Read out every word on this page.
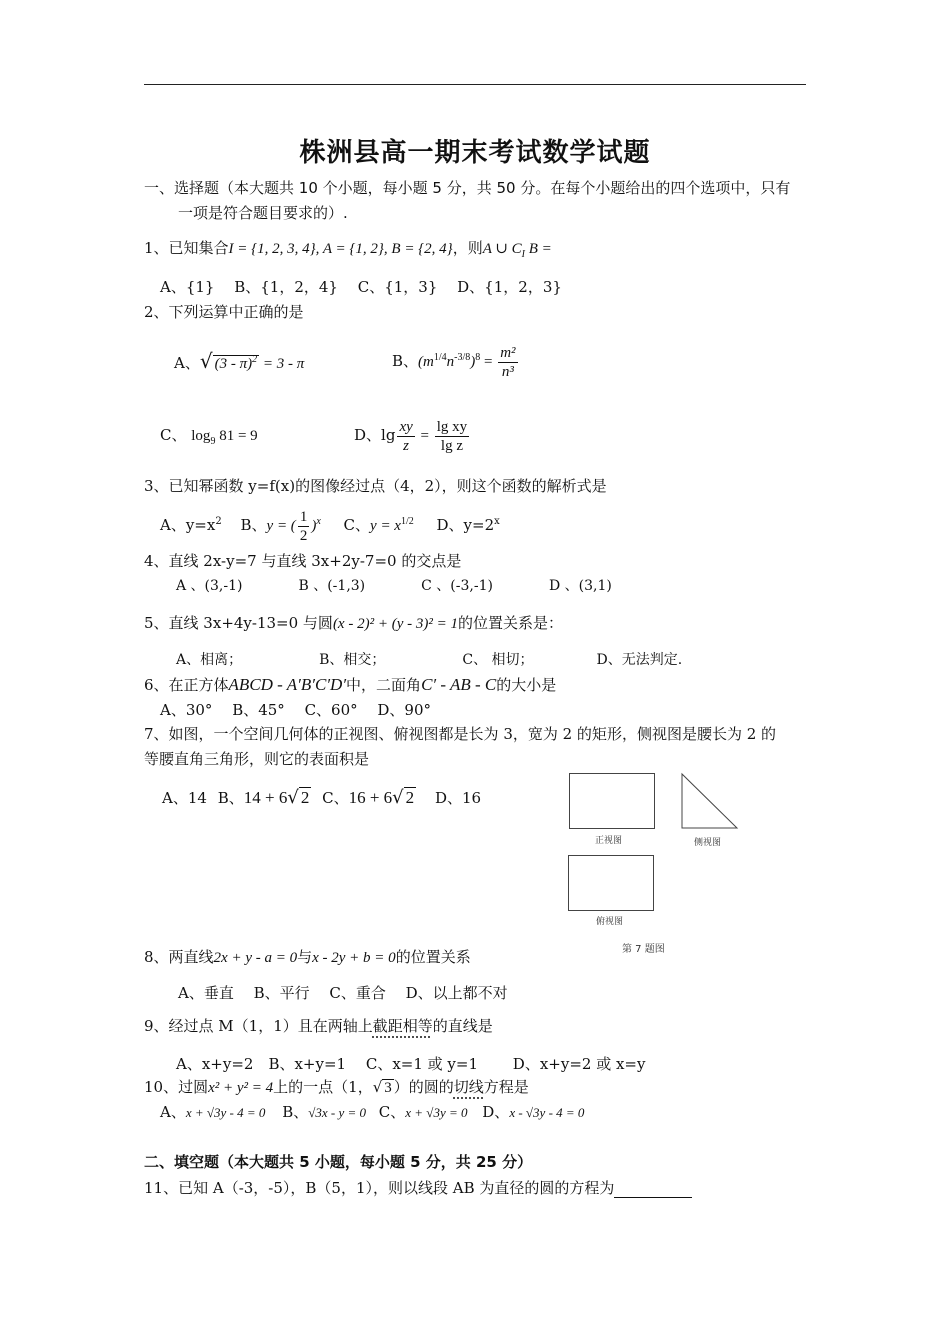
株洲县高一期末考试数学试题
一、选择题（本大题共 10 个小题，每小题 5 分，共 50 分。在每个小题给出的四个选项中，只有
一项是符合题目要求的）.
1、已知集合I = {1, 2, 3, 4}, A = {1, 2}, B = {2, 4}，则A ∪ $C_I$ B =
A、{1}　 B、{1，2，4}　 C、{1，3}　 D、{1，2，3}
2、下列运算中正确的是
A、√ (3 - π)$^2$ = 3 - π	B、$(m^{1/4}n^{-3/8})^8 = \frac{\text{m²}}{\text{n³}}$
C、 $\log_9 81 = 9$	D、$\lg \frac{xy}{z} = \frac{\text{lg xy}}{\text{lg z}}$
3、已知幂函数 y=f(x)的图像经过点（4，2），则这个函数的解析式是
A、$y=x^2$ B、y = ( $\frac{1}{2} )^x$ C、$y = x^{1/2}$ D、$y=2^x$
4、直线 2x-y=7 与直线 3x+2y-7=0 的交点是
A 、(3,-1)　　　　B 、(-1,3)　　　　C 、(-3,-1)　　　　D 、(3,1)
5、直线 3x+4y-13=0 与圆(x - 2)² + (y - 3)² = 1的位置关系是：
A、相离；　　　　　　B、相交；　　　　　　C、 相切；　　　　　D、无法判定.
6、在正方体ABCD - A′B′C′D′中，二面角C′ - AB - C的大小是
A、30°　 B、45°　 C、60°　 D、90°
7、如图，一个空间几何体的正视图、俯视图都是长为 3，宽为 2 的矩形，侧视图是腰长为 2 的
等腰直角三角形，则它的表面积是
A、14 B、14 + 6√ 2 C、16 + 6√ 2 D、16
正视图	侧视图
俯视图
第 7 题图
8、两直线2x + y - a = 0与x - 2y + b = 0的位置关系
A、垂直　 B、平行　 C、重合　 D、以上都不对
9、经过点 M（1，1）且在两轴上截距相等的直线是
A、x+y=2　B、x+y=1　 C、x=1 或 y=1　　 D、x+y=2 或 x=y
10、过圆x² + y² = 4上的一点（1，√ 3 ）的圆的切线方程是
A、x + √3y - 4 = 0 B、√3x - y = 0 C、x + √3y = 0 D、x - √3y - 4 = 0
二、填空题（本大题共 5 小题，每小题 5 分，共 25 分）
11、已知 A（-3，-5），B（5，1），则以线段 AB 为直径的圆的方程为
